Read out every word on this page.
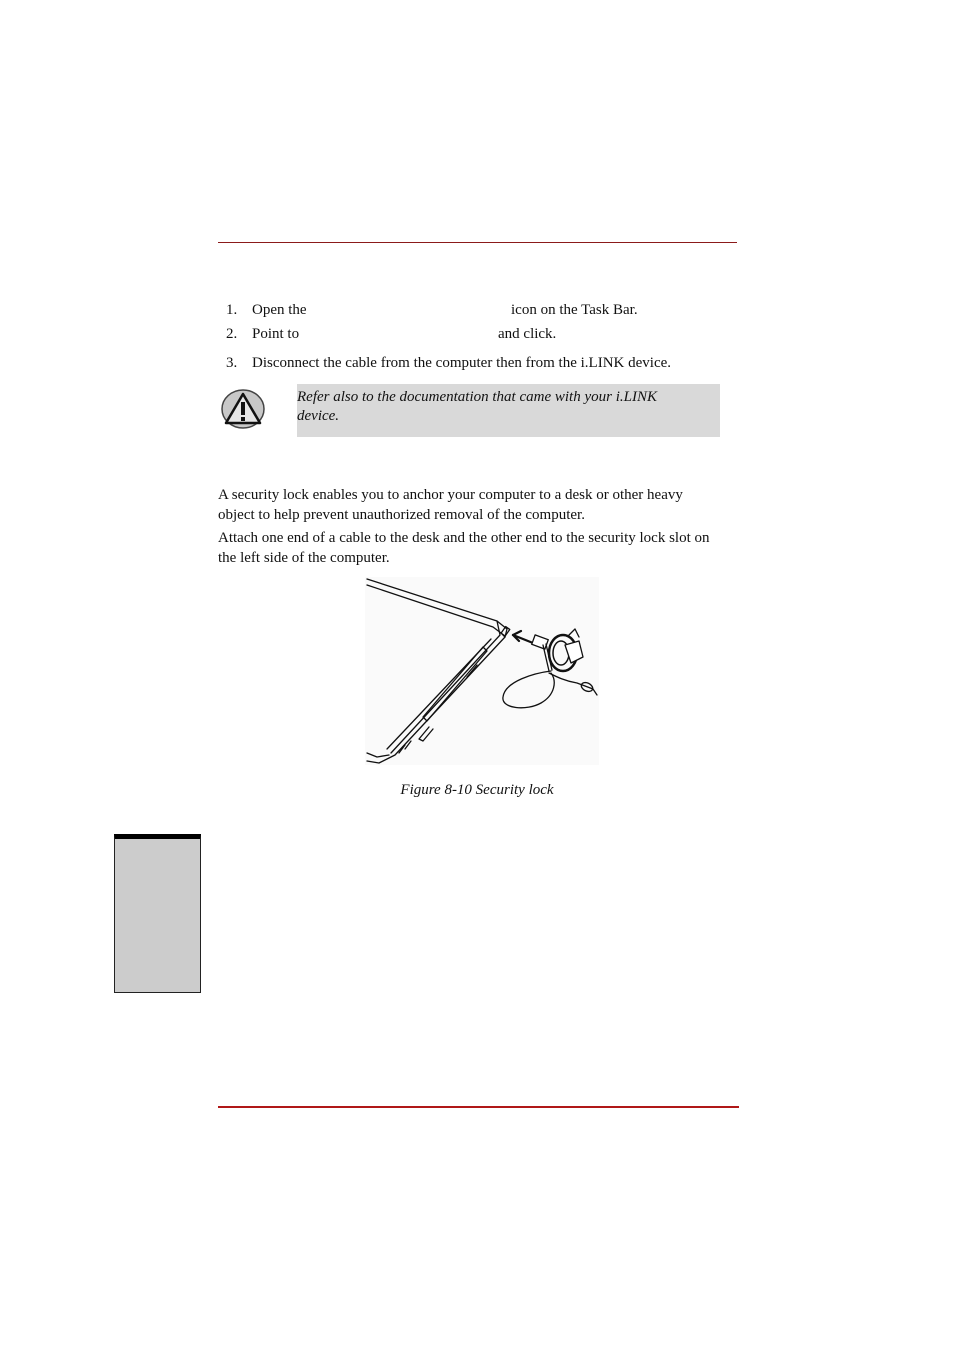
1. Open the	icon on the Task Bar.
2. Point to	and click.
3. Disconnect the cable from the computer then from the i.LINK device.
Refer also to the documentation that came with your i.LINK
device.
A security lock enables you to anchor your computer to a desk or other heavy
object to help prevent unauthorized removal of the computer.
Attach one end of a cable to the desk and the other end to the security lock slot on
the left side of the computer.
Figure 8-10 Security lock
